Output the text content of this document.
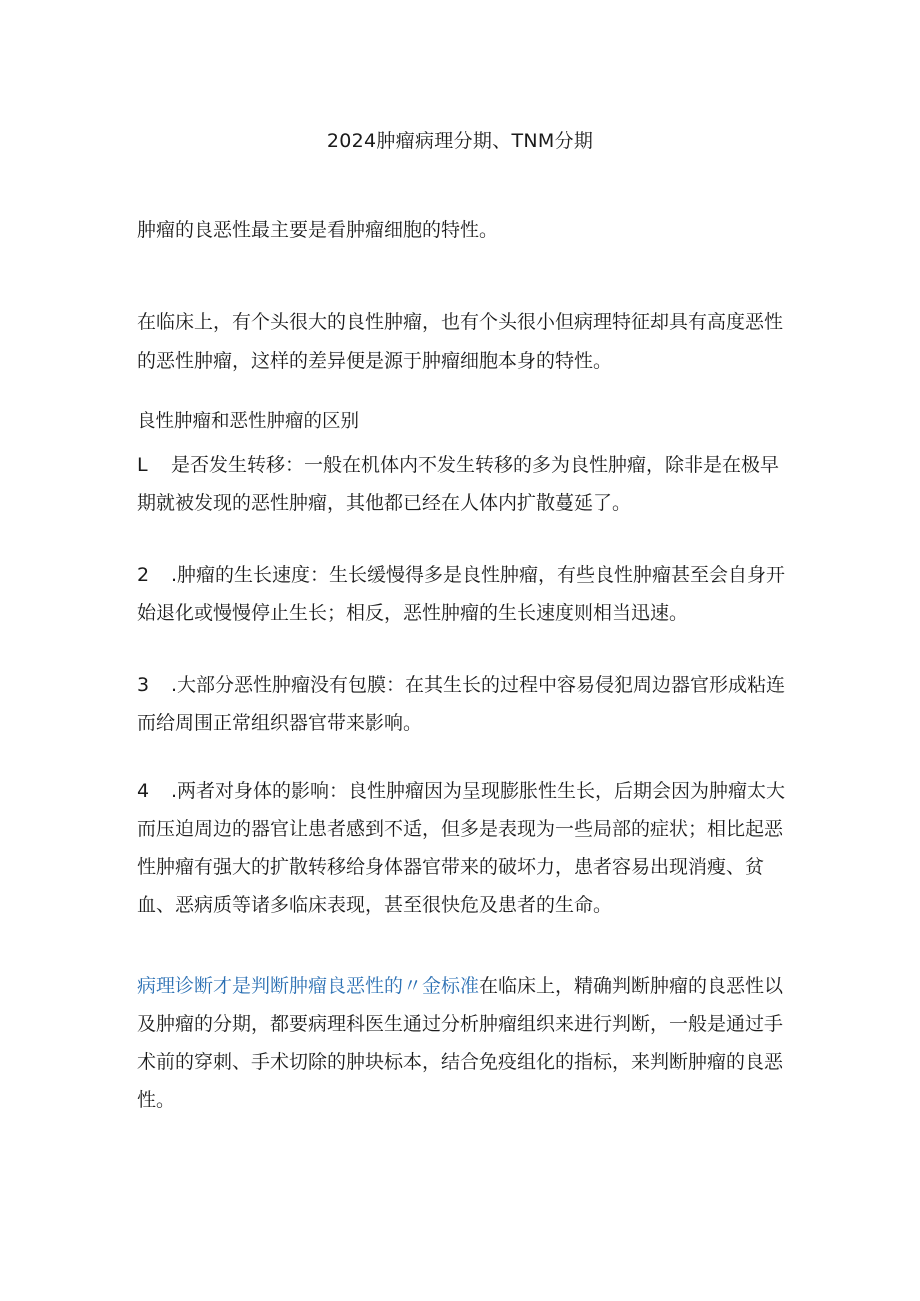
2024肿瘤病理分期、TNM分期

肿瘤的良恶性最主要是看肿瘤细胞的特性。

在临床上，有个头很大的良性肿瘤，也有个头很小但病理特征却具有高度恶性的恶性肿瘤，这样的差异便是源于肿瘤细胞本身的特性。

良性肿瘤和恶性肿瘤的区别

L 是否发生转移：一般在机体内不发生转移的多为良性肿瘤，除非是在极早期就被发现的恶性肿瘤，其他都已经在人体内扩散蔓延了。

2 .肿瘤的生长速度：生长缓慢得多是良性肿瘤，有些良性肿瘤甚至会自身开始退化或慢慢停止生长；相反，恶性肿瘤的生长速度则相当迅速。

3 .大部分恶性肿瘤没有包膜：在其生长的过程中容易侵犯周边器官形成粘连而给周围正常组织器官带来影响。

4 .两者对身体的影响：良性肿瘤因为呈现膨胀性生长，后期会因为肿瘤太大而压迫周边的器官让患者感到不适，但多是表现为一些局部的症状；相比起恶性肿瘤有强大的扩散转移给身体器官带来的破坏力，患者容易出现消瘦、贫血、恶病质等诸多临床表现，甚至很快危及患者的生命。

病理诊断才是判断肿瘤良恶性的〃金标准在临床上，精确判断肿瘤的良恶性以及肿瘤的分期，都要病理科医生通过分析肿瘤组织来进行判断，一般是通过手术前的穿刺、手术切除的肿块标本，结合免疫组化的指标，来判断肿瘤的良恶性。
